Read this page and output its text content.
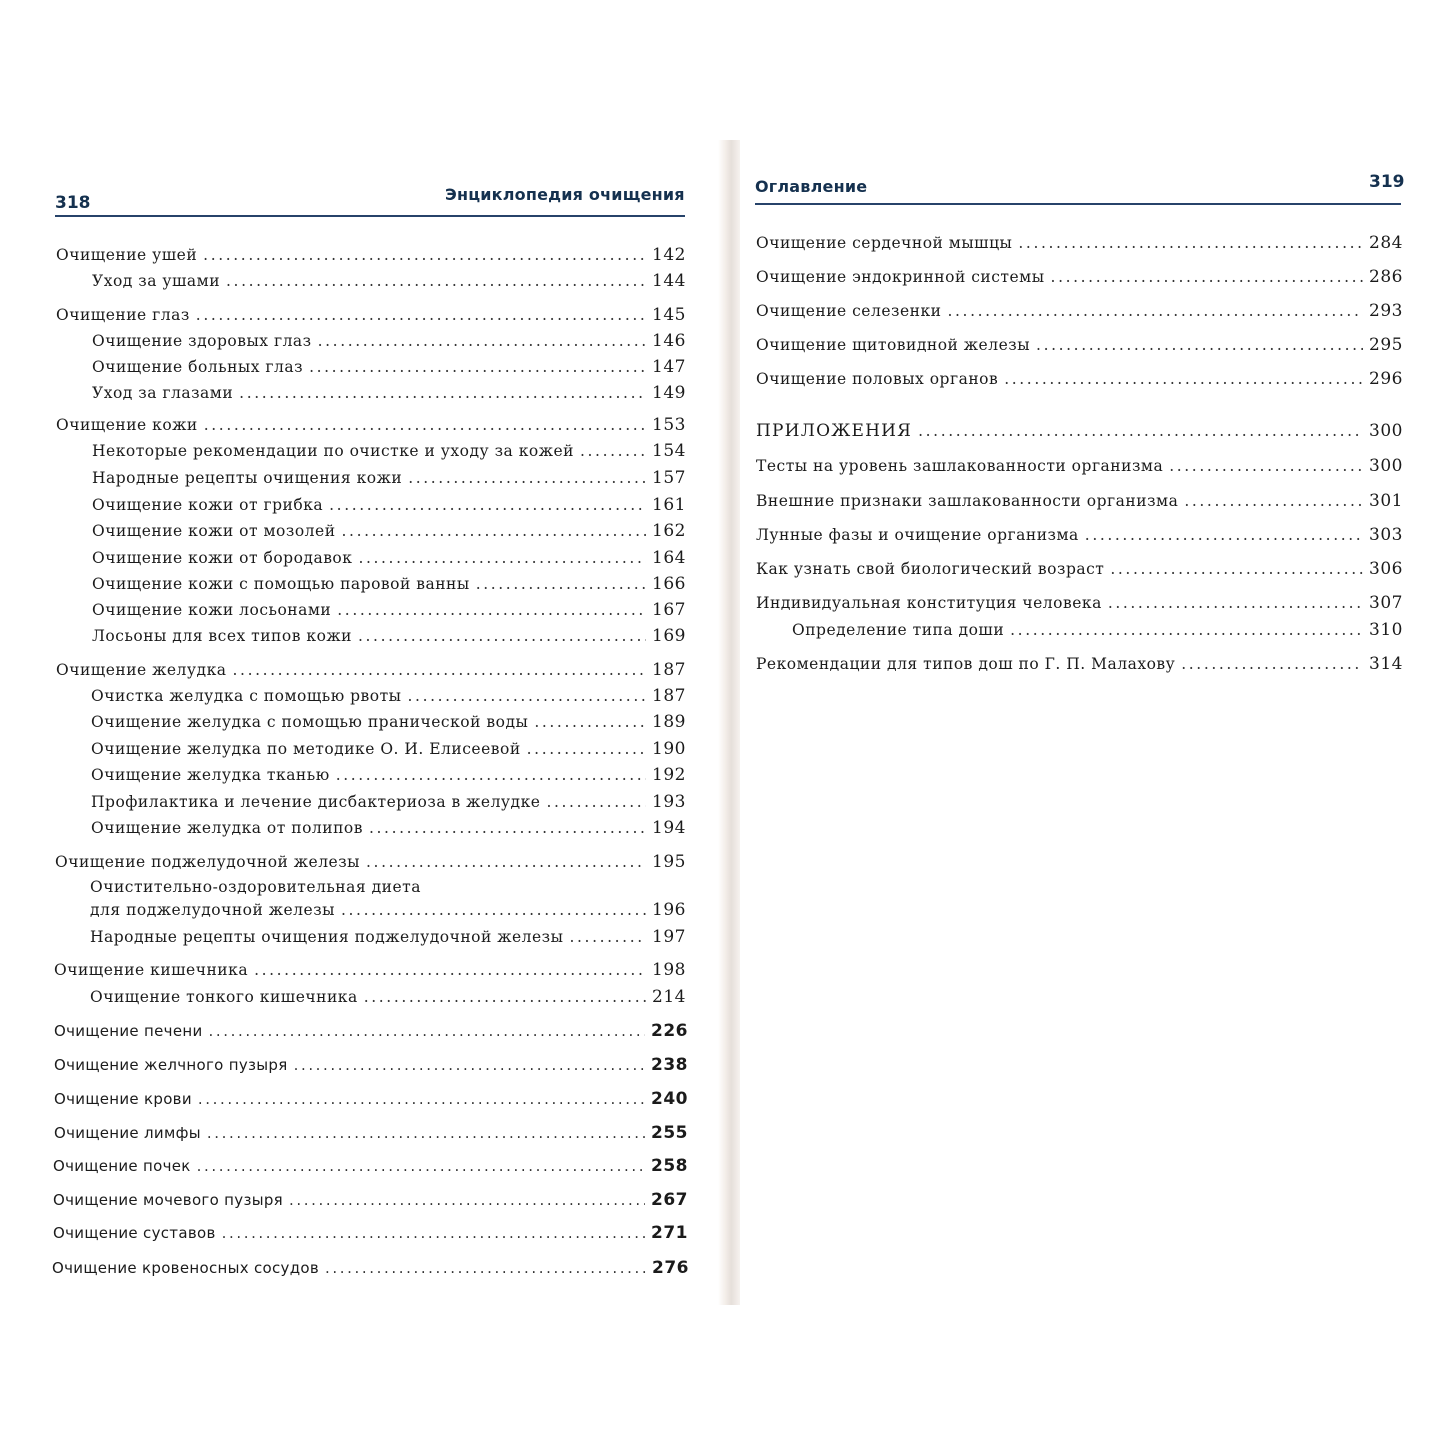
318	Энциклопедия очищения
Очищение ушей .....	142
Уход за ушами .....	144
Очищение глаз .....	145
Очищение здоровых глаз .....	146
Очищение больных глаз .....	147
Уход за глазами .....	149
Очищение кожи .....	153
Некоторые рекомендации по очистке и уходу за кожей .....	154
Народные рецепты очищения кожи .....	157
Очищение кожи от грибка .....	161
Очищение кожи от мозолей .....	162
Очищение кожи от бородавок .....	164
Очищение кожи с помощью паровой ванны .....	166
Очищение кожи лосьонами .....	167
Лосьоны для всех типов кожи .....	169
Очищение желудка .....	187
Очистка желудка с помощью рвоты .....	187
Очищение желудка с помощью пранической воды .....	189
Очищение желудка по методике О. И. Елисеевой .....	190
Очищение желудка тканью .....	192
Профилактика и лечение дисбактериоза в желудке .....	193
Очищение желудка от полипов .....	194
Очищение поджелудочной железы .....	195
Очистительно-оздоровительная диета
для поджелудочной железы .....	196
Народные рецепты очищения поджелудочной железы .....	197
Очищение кишечника .....	198
Очищение тонкого кишечника .....	214
Очищение печени .....	226
Очищение желчного пузыря .....	238
Очищение крови .....	240
Очищение лимфы .....	255
Очищение почек .....	258
Очищение мочевого пузыря .....	267
Очищение суставов .....	271
Очищение кровеносных сосудов .....	276
Оглавление	319
Очищение сердечной мышцы .....	284
Очищение эндокринной системы .....	286
Очищение селезенки .....	293
Очищение щитовидной железы .....	295
Очищение половых органов .....	296
ПРИЛОЖЕНИЯ .....	300
Тесты на уровень зашлакованности организма .....	300
Внешние признаки зашлакованности организма .....	301
Лунные фазы и очищение организма .....	303
Как узнать свой биологический возраст .....	306
Индивидуальная конституция человека .....	307
Определение типа доши .....	310
Рекомендации для типов дош по Г. П. Малахову .....	314
